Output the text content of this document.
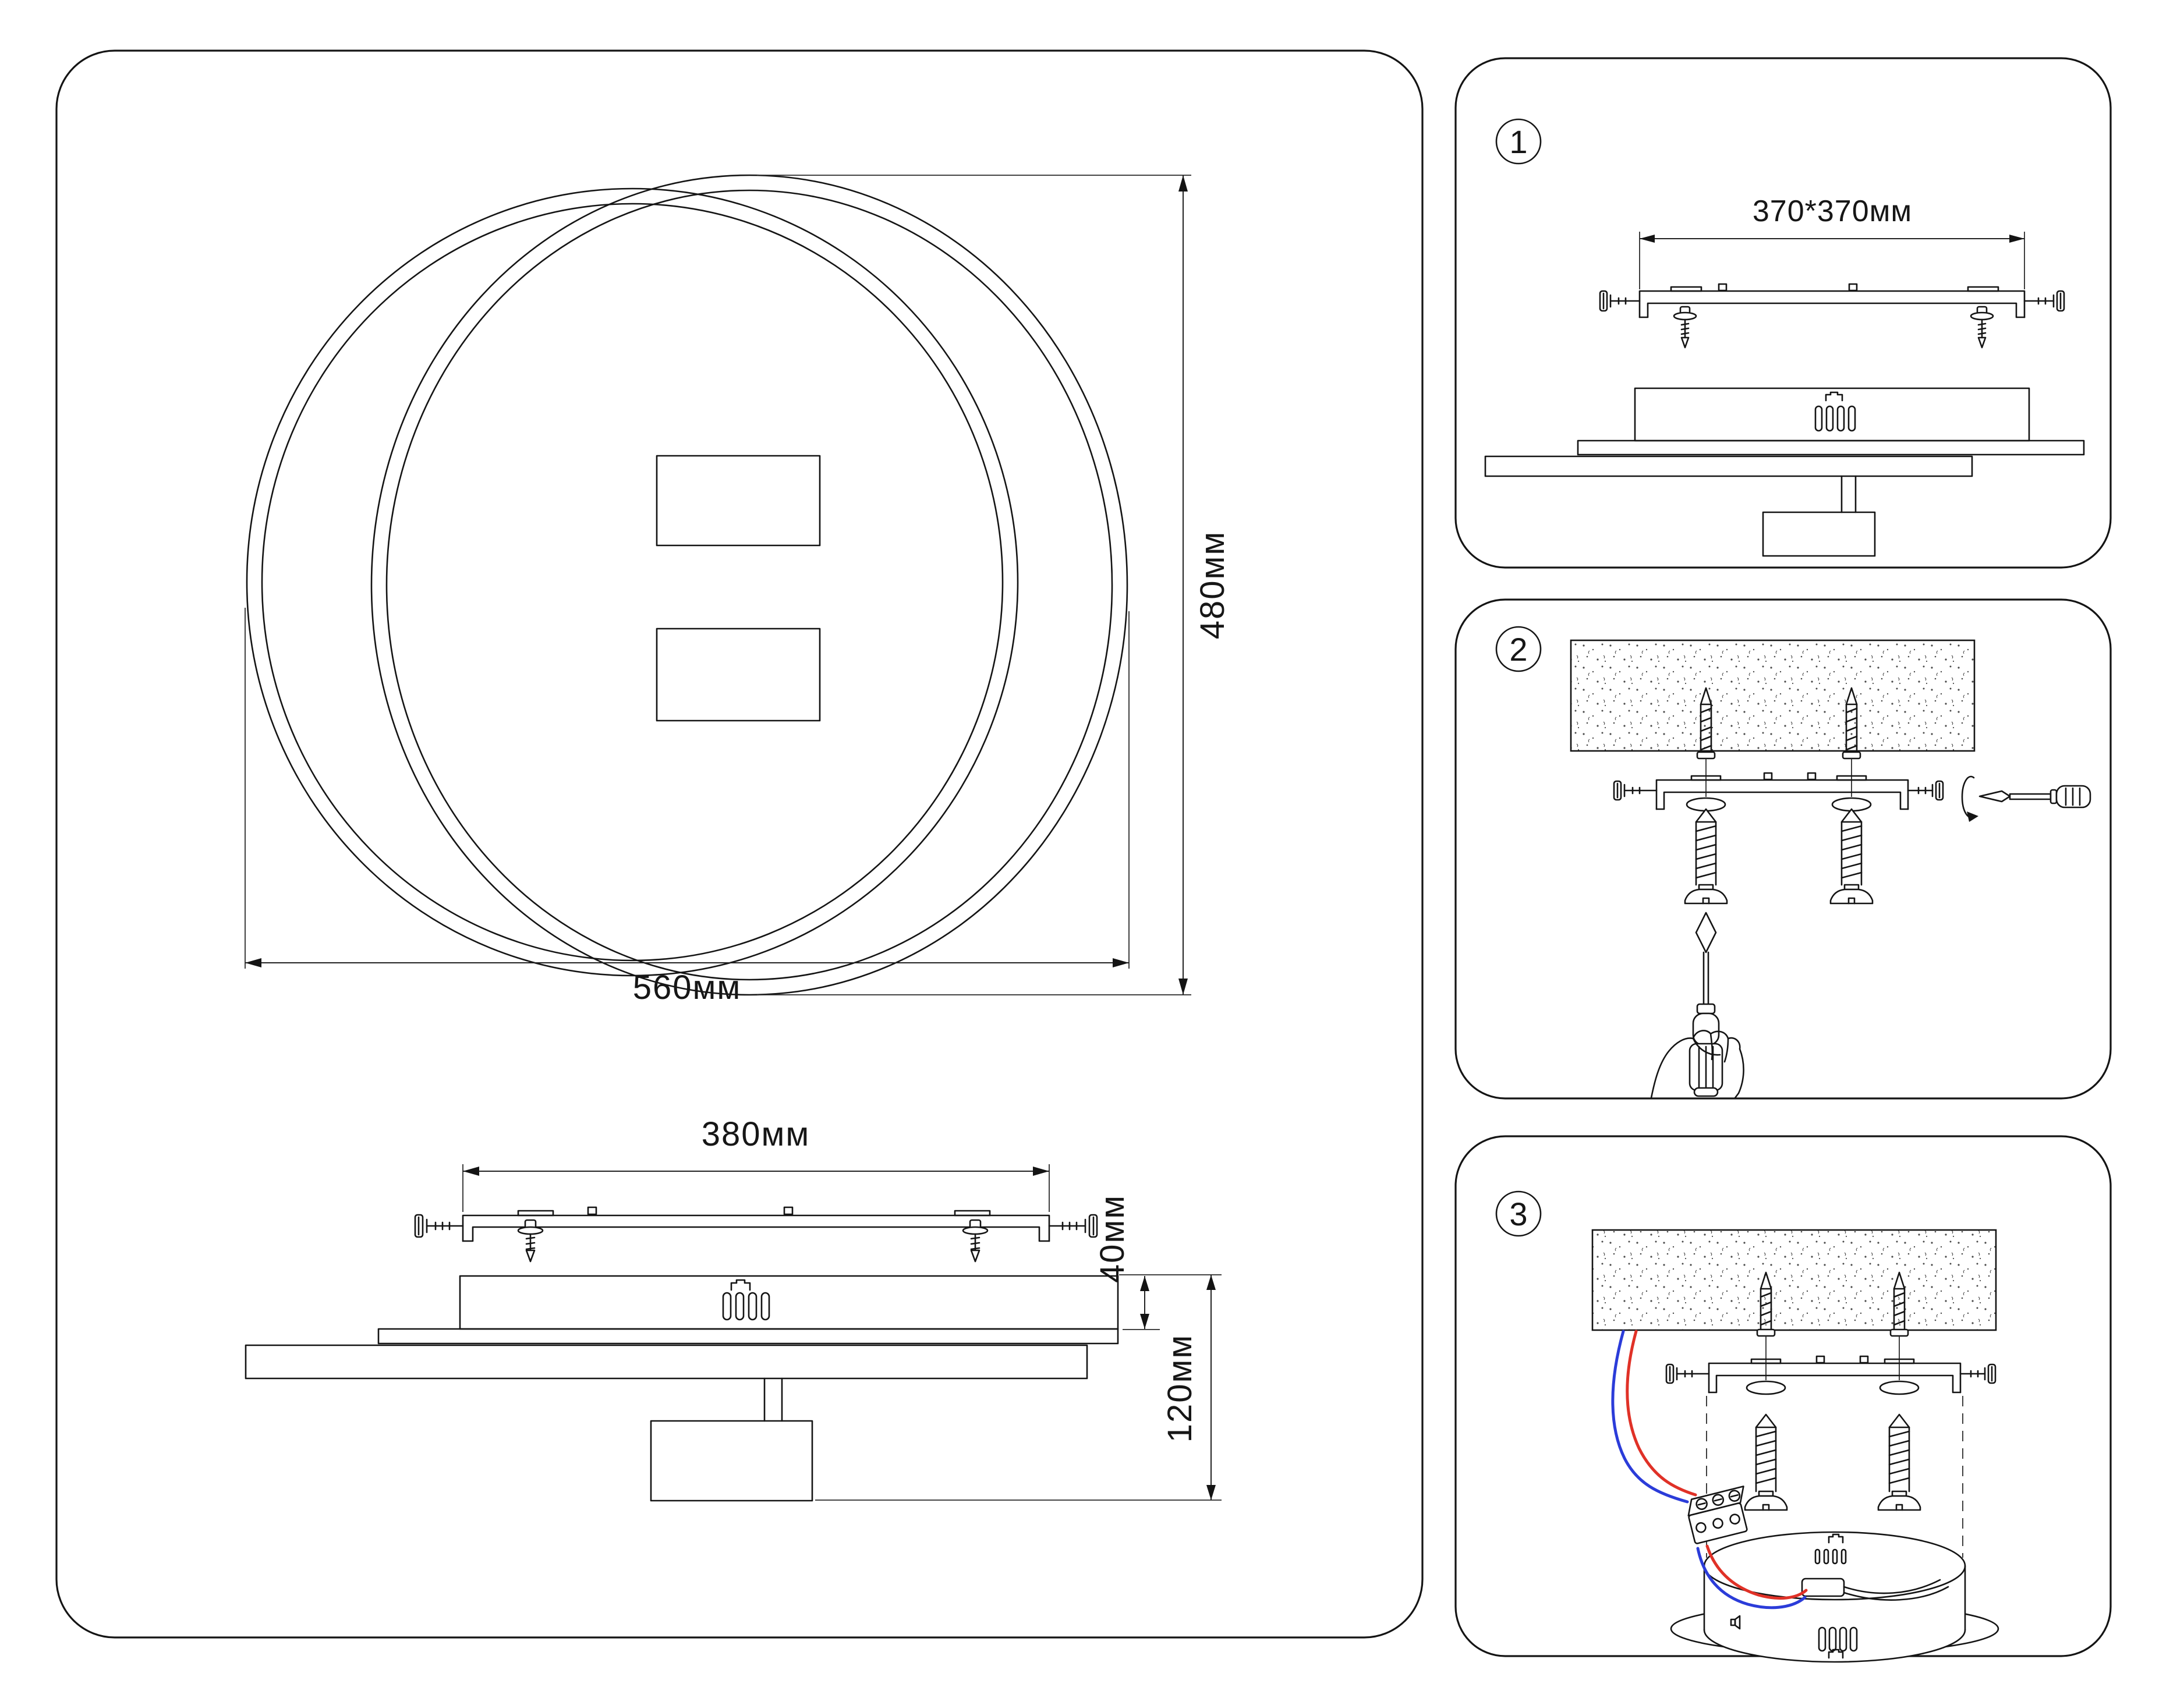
560мм
480мм
380мм
40мм
120мм
1
370*370мм
2
3
